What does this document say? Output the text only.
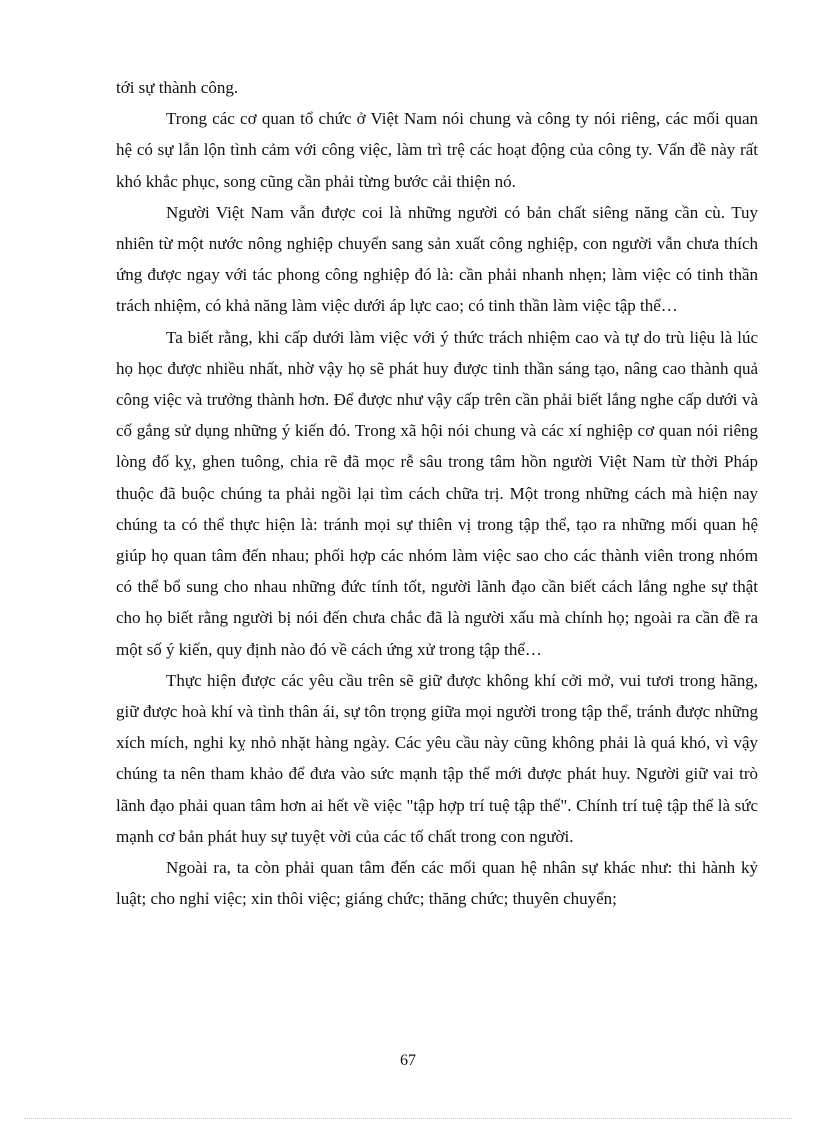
tới sự thành công.

Trong các cơ quan tổ chức ở Việt Nam nói chung và công ty nói riêng, các mối quan hệ có sự lẫn lộn tình cảm với công việc, làm trì trệ các hoạt động của công ty. Vấn đề này rất khó khắc phục, song cũng cần phải từng bước cải thiện nó.

Người Việt Nam vẫn được coi là những người có bản chất siêng năng cần cù. Tuy nhiên từ một nước nông nghiệp chuyển sang sản xuất công nghiệp, con người vẫn chưa thích ứng được ngay với tác phong công nghiệp đó là: cần phải nhanh nhẹn; làm việc có tinh thần trách nhiệm, có khả năng làm việc dưới áp lực cao; có tinh thần làm việc tập thể…

Ta biết rằng, khi cấp dưới làm việc với ý thức trách nhiệm cao và tự do trù liệu là lúc họ học được nhiều nhất, nhờ vậy họ sẽ phát huy được tinh thần sáng tạo, nâng cao thành quả công việc và trưởng thành hơn. Để được như vậy cấp trên cần phải biết lắng nghe cấp dưới và cố gắng sử dụng những ý kiến đó. Trong xã hội nói chung và các xí nghiệp cơ quan nói riêng lòng đố kỵ, ghen tuông, chia rẽ đã mọc rễ sâu trong tâm hồn người Việt Nam từ thời Pháp thuộc đã buộc chúng ta phải ngồi lại tìm cách chữa trị. Một trong những cách mà hiện nay chúng ta có thể thực hiện là: tránh mọi sự thiên vị trong tập thể, tạo ra những mối quan hệ giúp họ quan tâm đến nhau; phối hợp các nhóm làm việc sao cho các thành viên trong nhóm có thể bổ sung cho nhau những đức tính tốt, người lãnh đạo cần biết cách lắng nghe sự thật cho họ biết rằng người bị nói đến chưa chắc đã là người xấu mà chính họ; ngoài ra cần đề ra một số ý kiến, quy định nào đó về cách ứng xử trong tập thể…

Thực hiện được các yêu cầu trên sẽ giữ được không khí cởi mở, vui tươi trong hãng, giữ được hoà khí và tình thân ái, sự tôn trọng giữa mọi người trong tập thể, tránh được những xích mích, nghi kỵ nhỏ nhặt hàng ngày. Các yêu cầu này cũng không phải là quá khó, vì vậy chúng ta nên tham khảo để đưa vào sức mạnh tập thể mới được phát huy. Người giữ vai trò lãnh đạo phải quan tâm hơn ai hết về việc "tập hợp trí tuệ tập thể". Chính trí tuệ tập thể là sức mạnh cơ bản phát huy sự tuyệt vời của các tố chất trong con người.

Ngoài ra, ta còn phải quan tâm đến các mối quan hệ nhân sự khác như: thi hành kỷ luật; cho nghỉ việc; xin thôi việc; giáng chức; thăng chức; thuyên chuyển;

67
